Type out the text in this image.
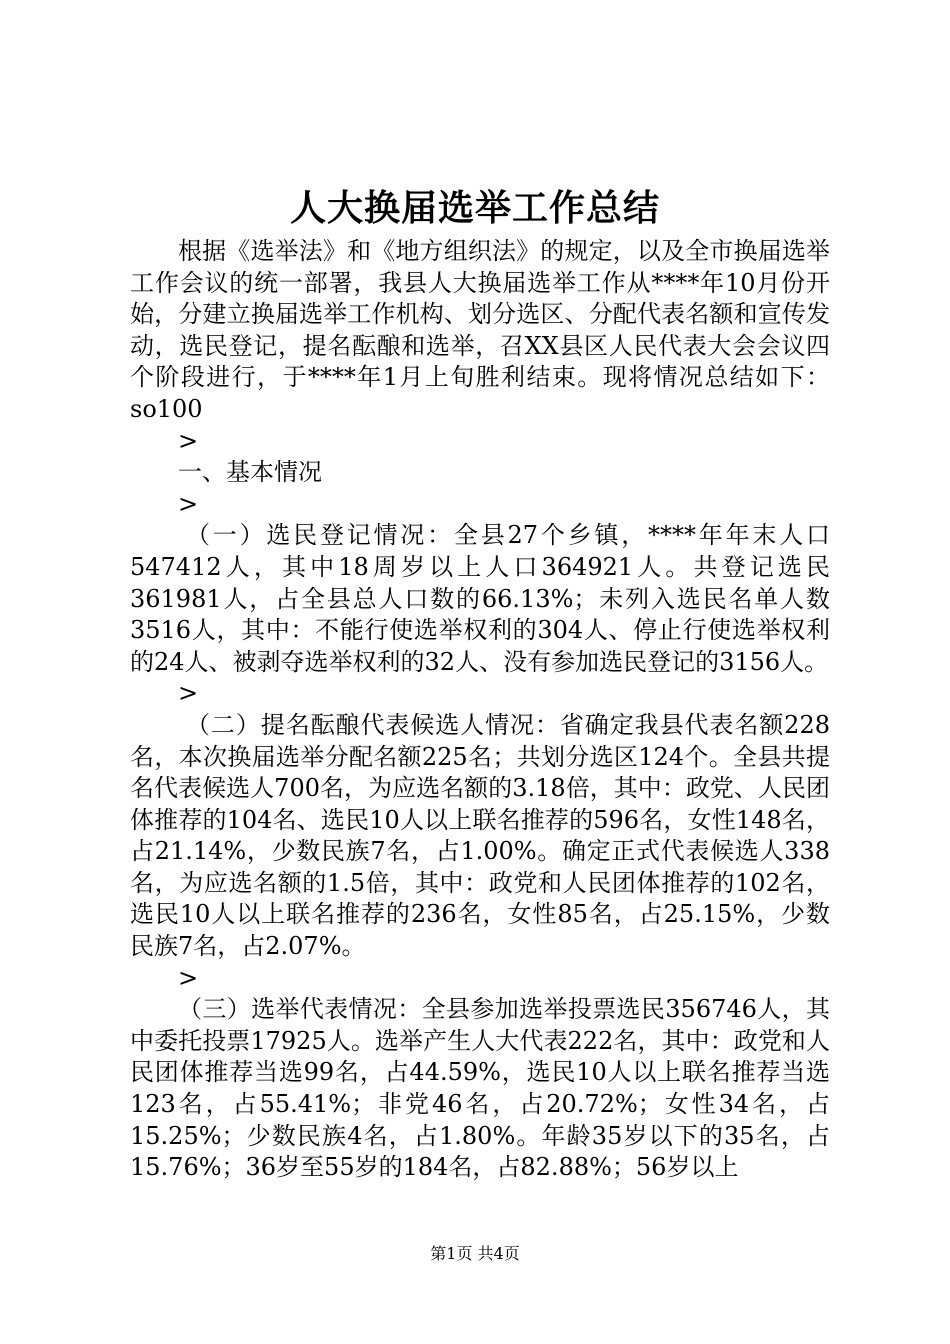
人大换届选举工作总结

根据《选举法》和《地方组织法》的规定，以及全市换届选举工作会议的统一部署，我县人大换届选举工作从****年10月份开始，分建立换届选举工作机构、划分选区、分配代表名额和宣传发动，选民登记，提名酝酿和选举，召XX县区人民代表大会会议四个阶段进行，于****年1月上旬胜利结束。现将情况总结如下：so100

>

一、基本情况

>

（一）选民登记情况：全县27个乡镇，****年年末人口547412人，其中18周岁以上人口364921人。共登记选民361981人，占全县总人口数的66.13%；未列入选民名单人数3516人，其中：不能行使选举权利的304人、停止行使选举权利的24人、被剥夺选举权利的32人、没有参加选民登记的3156人。

>

（二）提名酝酿代表候选人情况：省确定我县代表名额228名，本次换届选举分配名额225名；共划分选区124个。全县共提名代表候选人700名，为应选名额的3.18倍，其中：政党、人民团体推荐的104名、选民10人以上联名推荐的596名，女性148名，占21.14%，少数民族7名，占1.00%。确定正式代表候选人338名，为应选名额的1.5倍，其中：政党和人民团体推荐的102名，选民10人以上联名推荐的236名，女性85名，占25.15%，少数民族7名，占2.07%。

>

（三）选举代表情况：全县参加选举投票选民356746人，其中委托投票17925人。选举产生人大代表222名，其中：政党和人民团体推荐当选99名，占44.59%，选民10人以上联名推荐当选123名，占55.41%；非党46名，占20.72%；女性34名，占15.25%；少数民族4名，占1.80%。年龄35岁以下的35名，占15.76%；36岁至55岁的184名，占82.88%；56岁以上

第1页 共4页
